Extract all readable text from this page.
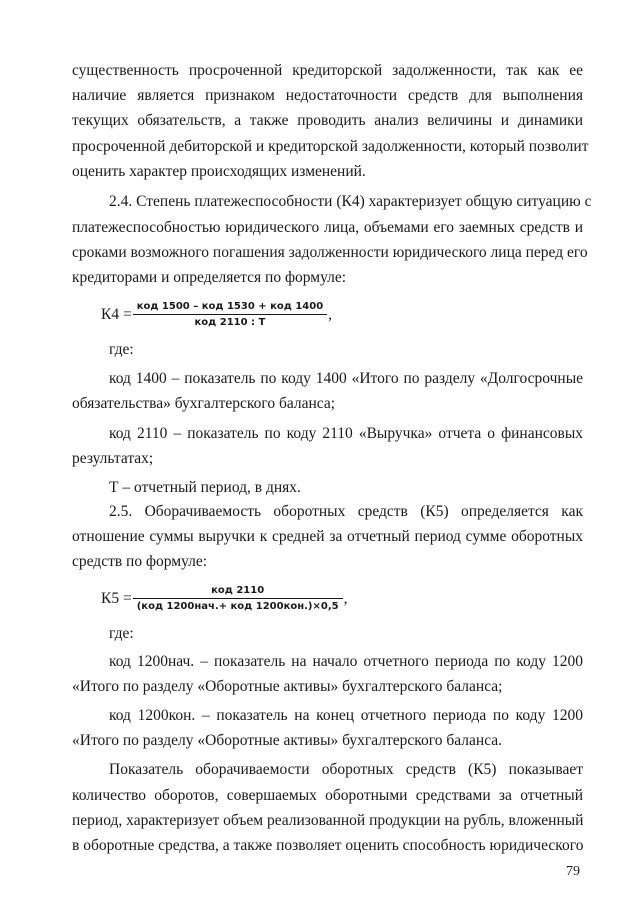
существенность просроченной кредиторской задолженности, так как ее
наличие является признаком недостаточности средств для выполнения
текущих обязательств, а также проводить анализ величины и динамики
просроченной дебиторской и кредиторской задолженности, который позволит
оценить характер происходящих изменений.
2.4. Степень платежеспособности (К4) характеризует общую ситуацию с
платежеспособностью юридического лица, объемами его заемных средств и
сроками возможного погашения задолженности юридического лица перед его
кредиторами и определяется по формуле:
где:
код 1400 – показатель по коду 1400 «Итого по разделу «Долгосрочные
обязательства» бухгалтерского баланса;
код 2110 – показатель по коду 2110 «Выручка» отчета о финансовых
результатах;
Т – отчетный период, в днях.
2.5. Оборачиваемость оборотных средств (К5) определяется как
отношение суммы выручки к средней за отчетный период сумме оборотных
средств по формуле:
где:
код 1200нач. – показатель на начало отчетного периода по коду 1200
«Итого по разделу «Оборотные активы» бухгалтерского баланса;
код 1200кон. – показатель на конец отчетного периода по коду 1200
«Итого по разделу «Оборотные активы» бухгалтерского баланса.
Показатель оборачиваемости оборотных средств (К5) показывает
количество оборотов, совершаемых оборотными средствами за отчетный
период, характеризует объем реализованной продукции на рубль, вложенный
в оборотные средства, а также позволяет оценить способность юридического
$К4 = \frac{\text{код 1500 – код 1530 + код 1400}}{\text{код 2110 : Т}}$ ,
$К5 = \frac{\text{код 2110}}{\text{(код 1200нач.+ код 1200кон.)×0,5}}$ ,
79
